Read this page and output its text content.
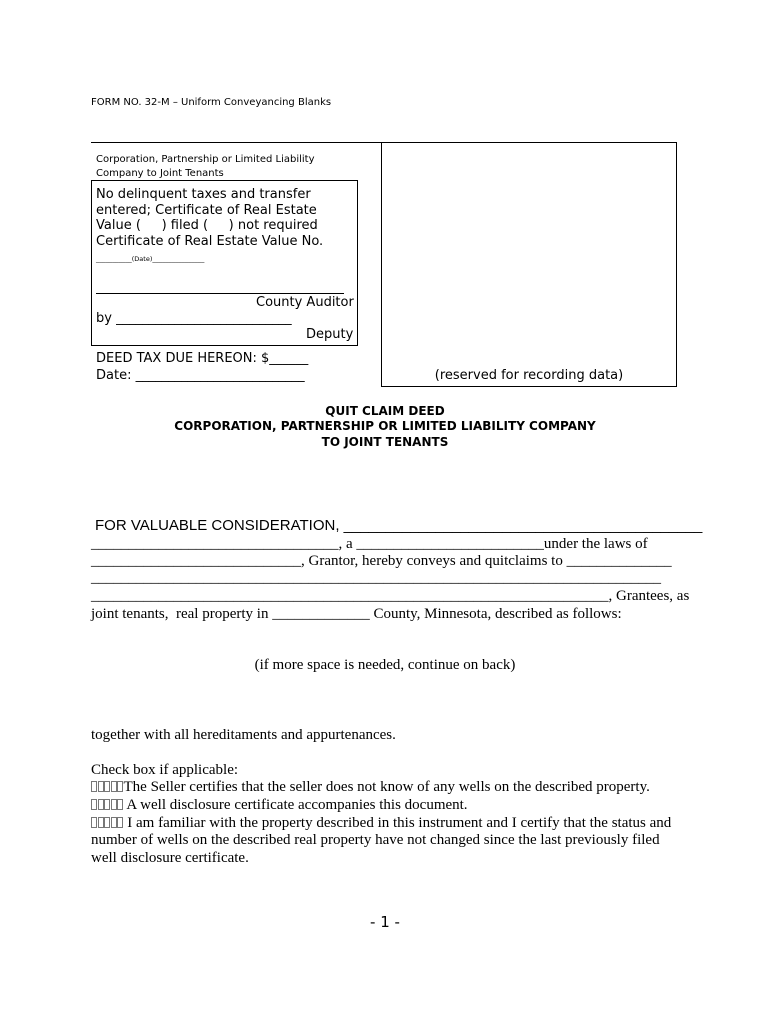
FORM NO. 32-M – Uniform Conveyancing Blanks
Corporation, Partnership or Limited Liability
Company to Joint Tenants
No delinquent taxes and transfer
entered; Certificate of Real Estate
Value (     ) filed (     ) not required
Certificate of Real Estate Value No.
___________(Date)________________
County Auditor
by ___________________________
Deputy
DEED TAX DUE HEREON: $______
Date: __________________________	(reserved for recording data)
QUIT CLAIM DEED
CORPORATION, PARTNERSHIP OR LIMITED LIABILITY COMPANY
TO JOINT TENANTS
FOR VALUABLE CONSIDERATION, ___________________________________________
_________________________________, a _________________________under the laws of
____________________________, Grantor, hereby conveys and quitclaims to ______________
____________________________________________________________________________
_____________________________________________________________________, Grantees, as
joint tenants,  real property in _____________ County, Minnesota, described as follows:
(if more space is needed, continue on back)
together with all hereditaments and appurtenances.
Check box if applicable:
The Seller certifies that the seller does not know of any wells on the described property.
A well disclosure certificate accompanies this document.
I am familiar with the property described in this instrument and I certify that the status and
number of wells on the described real property have not changed since the last previously filed
well disclosure certificate.
- 1 -
